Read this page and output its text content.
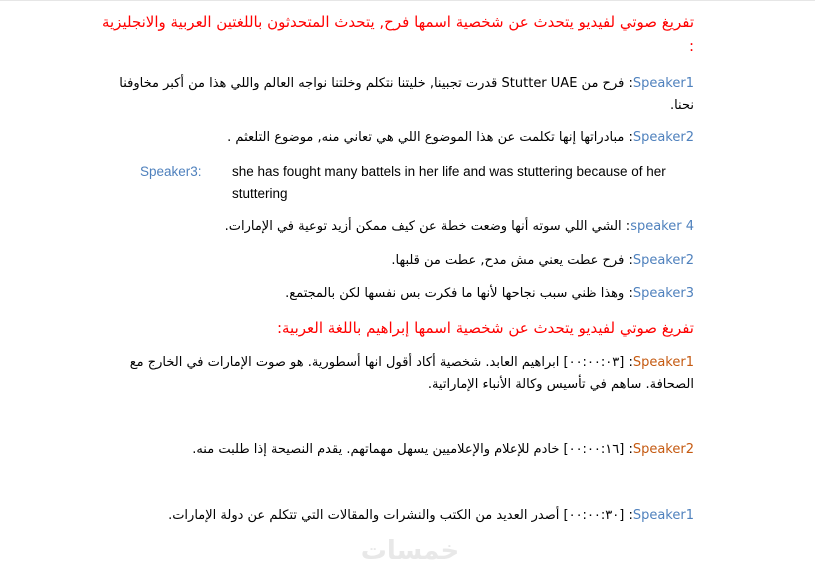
تفريغ صوتي لفيديو يتحدث عن شخصية اسمها فرح, يتحدث المتحدثون باللغتين العربية والانجليزية :
Speaker1: فرح من Stutter UAE قدرت تجبينا, خليتنا نتكلم وخلتنا نواجه العالم واللي هذا من أكبر مخاوفنا نحنا.
Speaker2: مبادراتها إنها تكلمت عن هذا الموضوع اللي هي تعاني منه, موضوع التلعثم .
Speaker3: she has fought many battels in her life and was stuttering because of her stuttering
speaker 4: الشي اللي سوته أنها وضعت خطة عن كيف ممكن أزيد توعية في الإمارات.
Speaker2: فرح عطت يعني مش مدح, عطت من قلبها.
Speaker3: وهذا ظني سبب نجاحها لأنها ما فكرت بس نفسها لكن بالمجتمع.
تفريغ صوتي لفيديو يتحدث عن شخصية اسمها إبراهيم باللغة العربية:
Speaker1: [٠٠:٠٠:٠٣] ابراهيم العابد. شخصية أكاد أقول انها أسطورية. هو صوت الإمارات في الخارج مع الصحافة. ساهم في تأسيس وكالة الأنباء الإماراتية.
Speaker2: [٠٠:٠٠:١٦] خادم للإعلام والإعلاميين يسهل مهماتهم. يقدم النصيحة إذا طلبت منه.
Speaker1: [٠٠:٠٠:٣٠] أصدر العديد من الكتب والنشرات والمقالات التي تتكلم عن دولة الإمارات.
خمسات
